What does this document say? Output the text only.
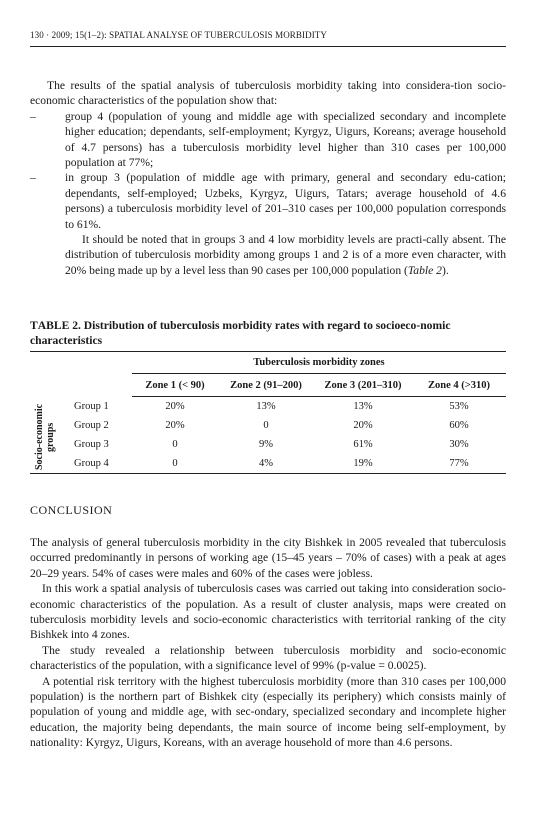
130 · 2009; 15(1–2): SPATIAL ANALYSE OF TUBERCULOSIS MORBIDITY

The results of the spatial analysis of tuberculosis morbidity taking into considera-tion socio-economic characteristics of the population show that:

–	group 4 (population of young and middle age with specialized secondary and incomplete higher education; dependants, self-employment; Kyrgyz, Uigurs, Koreans; average household of 4.7 persons) has a tuberculosis morbidity level higher than 310 cases per 100,000 population at 77%;
–	in group 3 (population of middle age with primary, general and secondary edu-cation; dependants, self-employed; Uzbeks, Kyrgyz, Uigurs, Tatars; average household of 4.6 persons) a tuberculosis morbidity level of 201–310 cases per 100,000 population corresponds to 61%.

It should be noted that in groups 3 and 4 low morbidity levels are practi-cally absent. The distribution of tuberculosis morbidity among groups 1 and 2 is of a more even character, with 20% being made up by a level less than 90 cases per 100,000 population (Table 2).

TABLE 2. Distribution of tuberculosis morbidity rates with regard to socioeco-nomic characteristics
		Tuberculosis morbidity zones			
		Zone 1 (< 90)	Zone 2 (91–200)	Zone 3 (201–310)	Zone 4 (>310)

Socio-economic groups	Group 1	20%	13%	13%	53%
	Group 2	20%	0	20%	60%
	Group 3	0	9%	61%	30%
	Group 4	0	4%	19%	77%
CONCLUSION

The analysis of general tuberculosis morbidity in the city Bishkek in 2005 revealed that tuberculosis occurred predominantly in persons of working age (15–45 years – 70% of cases) with a peak at ages 20–29 years. 54% of cases were males and 60% of the cases were jobless.

In this work a spatial analysis of tuberculosis cases was carried out taking into consideration socio-economic characteristics of the population. As a result of cluster analysis, maps were created on tuberculosis morbidity levels and socio-economic characteristics with territorial ranking of the city Bishkek into 4 zones.

The study revealed a relationship between tuberculosis morbidity and socio-economic characteristics of the population, with a significance level of 99% (p-value = 0.0025).

A potential risk territory with the highest tuberculosis morbidity (more than 310 cases per 100,000 population) is the northern part of Bishkek city (especially its periphery) which consists mainly of population of young and middle age, with sec-ondary, specialized secondary and incomplete higher education, the majority being dependants, the main source of income being self-employment, by nationality: Kyrgyz, Uigurs, Koreans, with an average household of more than 4.6 persons.
